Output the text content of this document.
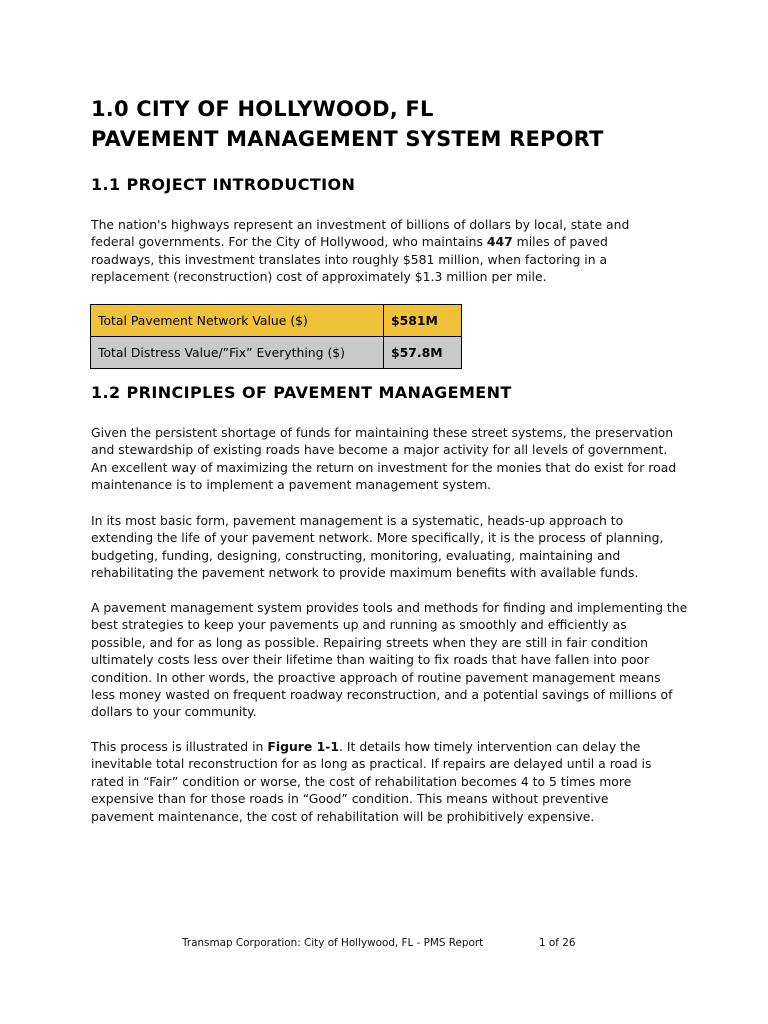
1.0 CITY OF HOLLYWOOD, FL
PAVEMENT MANAGEMENT SYSTEM REPORT
1.1 PROJECT INTRODUCTION

The nation's highways represent an investment of billions of dollars by local, state and
federal governments. For the City of Hollywood, who maintains 447 miles of paved
roadways, this investment translates into roughly $581 million, when factoring in a
replacement (reconstruction) cost of approximately $1.3 million per mile.

Total Pavement Network Value ($)	$581M
Total Distress Value/”Fix” Everything ($)	$57.8M
1.2 PRINCIPLES OF PAVEMENT MANAGEMENT

Given the persistent shortage of funds for maintaining these street systems, the preservation
and stewardship of existing roads have become a major activity for all levels of government.
An excellent way of maximizing the return on investment for the monies that do exist for road
maintenance is to implement a pavement management system.

In its most basic form, pavement management is a systematic, heads-up approach to
extending the life of your pavement network. More specifically, it is the process of planning,
budgeting, funding, designing, constructing, monitoring, evaluating, maintaining and
rehabilitating the pavement network to provide maximum benefits with available funds.

A pavement management system provides tools and methods for finding and implementing the
best strategies to keep your pavements up and running as smoothly and efficiently as
possible, and for as long as possible. Repairing streets when they are still in fair condition
ultimately costs less over their lifetime than waiting to fix roads that have fallen into poor
condition. In other words, the proactive approach of routine pavement management means
less money wasted on frequent roadway reconstruction, and a potential savings of millions of
dollars to your community.

This process is illustrated in Figure 1-1. It details how timely intervention can delay the
inevitable total reconstruction for as long as practical. If repairs are delayed until a road is
rated in “Fair” condition or worse, the cost of rehabilitation becomes 4 to 5 times more
expensive than for those roads in “Good” condition. This means without preventive
pavement maintenance, the cost of rehabilitation will be prohibitively expensive.

Transmap Corporation: City of Hollywood, FL - PMS Report	1 of 26
